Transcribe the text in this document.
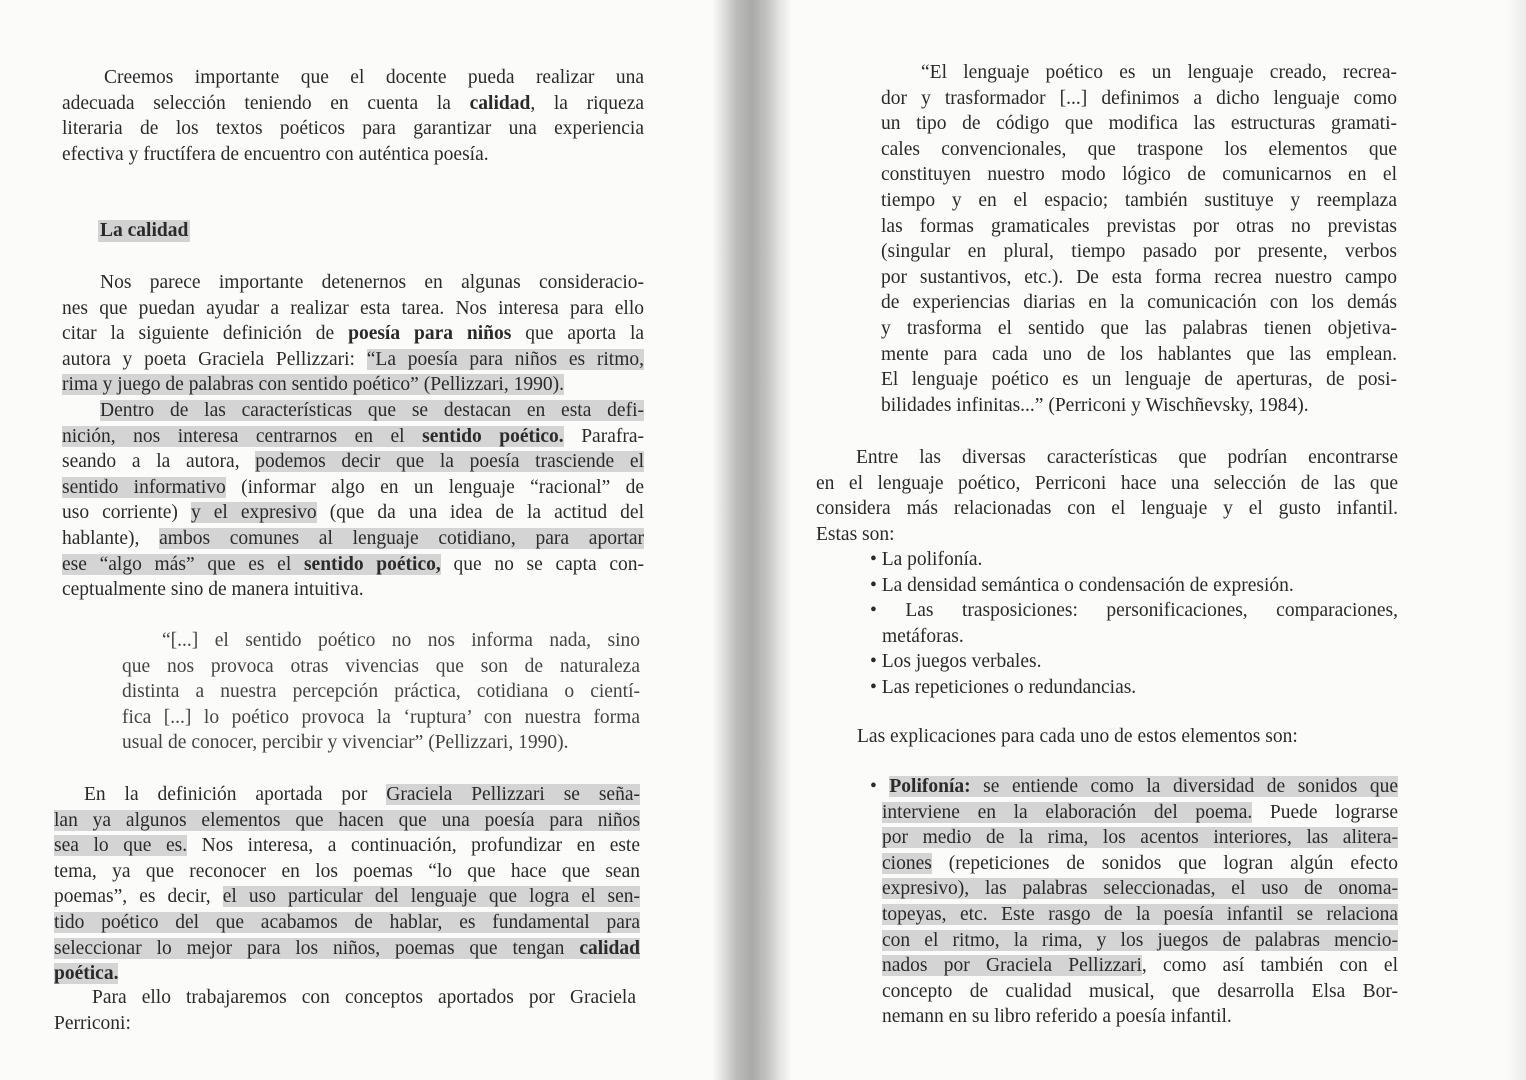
Creemos importante que el docente pueda realizar una
adecuada selección teniendo en cuenta la calidad, la riqueza
literaria de los textos poéticos para garantizar una experiencia
efectiva y fructífera de encuentro con auténtica poesía.
La calidad
Nos parece importante detenernos en algunas consideracio-
nes que puedan ayudar a realizar esta tarea. Nos interesa para ello
citar la siguiente definición de poesía para niños que aporta la
autora y poeta Graciela Pellizzari: “La poesía para niños es ritmo,
rima y juego de palabras con sentido poético” (Pellizzari, 1990).
Dentro de las características que se destacan en esta defi-
nición, nos interesa centrarnos en el sentido poético. Parafra-
seando a la autora, podemos decir que la poesía trasciende el
sentido informativo (informar algo en un lenguaje “racional” de
uso corriente) y el expresivo (que da una idea de la actitud del
hablante), ambos comunes al lenguaje cotidiano, para aportar
ese “algo más” que es el sentido poético, que no se capta con-
ceptualmente sino de manera intuitiva.
“[...] el sentido poético no nos informa nada, sino
que nos provoca otras vivencias que son de naturaleza
distinta a nuestra percepción práctica, cotidiana o cientí-
fica [...] lo poético provoca la ‘ruptura’ con nuestra forma
usual de conocer, percibir y vivenciar” (Pellizzari, 1990).
En la definición aportada por Graciela Pellizzari se seña-
lan ya algunos elementos que hacen que una poesía para niños
sea lo que es. Nos interesa, a continuación, profundizar en este
tema, ya que reconocer en los poemas “lo que hace que sean
poemas”, es decir, el uso particular del lenguaje que logra el sen-
tido poético del que acabamos de hablar, es fundamental para
seleccionar lo mejor para los niños, poemas que tengan calidad
poética.
Para ello trabajaremos con conceptos aportados por Graciela
Perriconi:
“El lenguaje poético es un lenguaje creado, recrea-
dor y trasformador [...] definimos a dicho lenguaje como
un tipo de código que modifica las estructuras gramati-
cales convencionales, que traspone los elementos que
constituyen nuestro modo lógico de comunicarnos en el
tiempo y en el espacio; también sustituye y reemplaza
las formas gramaticales previstas por otras no previstas
(singular en plural, tiempo pasado por presente, verbos
por sustantivos, etc.). De esta forma recrea nuestro campo
de experiencias diarias en la comunicación con los demás
y trasforma el sentido que las palabras tienen objetiva-
mente para cada uno de los hablantes que las emplean.
El lenguaje poético es un lenguaje de aperturas, de posi-
bilidades infinitas...” (Perriconi y Wischñevsky, 1984).
Entre las diversas características que podrían encontrarse
en el lenguaje poético, Perriconi hace una selección de las que
considera más relacionadas con el lenguaje y el gusto infantil.
Estas son:
• La polifonía.
• La densidad semántica o condensación de expresión.
• Las trasposiciones: personificaciones, comparaciones,
metáforas.
• Los juegos verbales.
• Las repeticiones o redundancias.
Las explicaciones para cada uno de estos elementos son:
• Polifonía: se entiende como la diversidad de sonidos que
interviene en la elaboración del poema. Puede lograrse
por medio de la rima, los acentos interiores, las alitera-
ciones (repeticiones de sonidos que logran algún efecto
expresivo), las palabras seleccionadas, el uso de onoma-
topeyas, etc. Este rasgo de la poesía infantil se relaciona
con el ritmo, la rima, y los juegos de palabras mencio-
nados por Graciela Pellizzari, como así también con el
concepto de cualidad musical, que desarrolla Elsa Bor-
nemann en su libro referido a poesía infantil.
